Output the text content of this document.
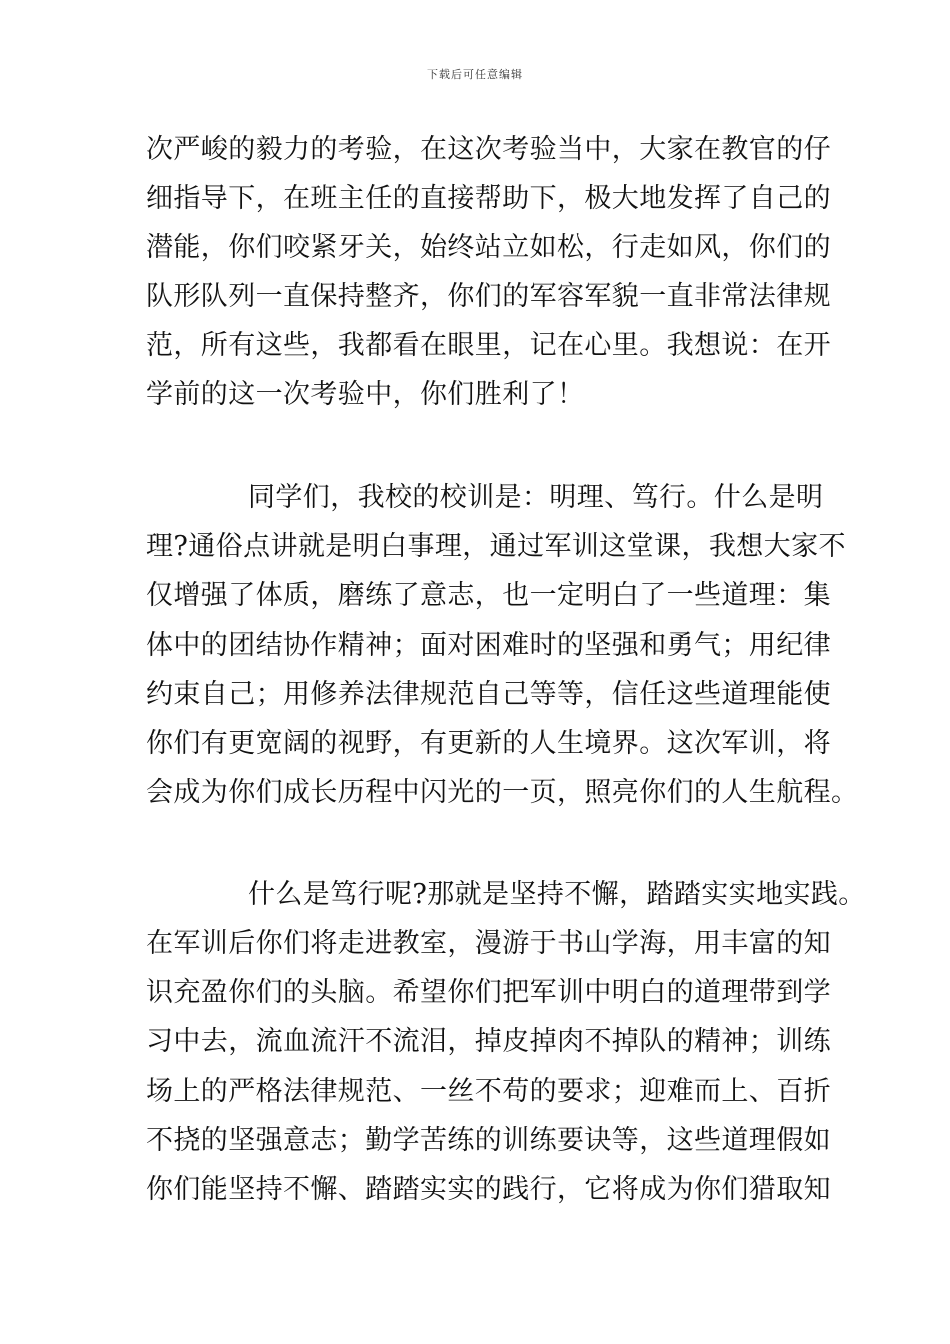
下载后可任意编辑
次严峻的毅力的考验，在这次考验当中，大家在教官的仔
细指导下，在班主任的直接帮助下，极大地发挥了自己的
潜能，你们咬紧牙关，始终站立如松，行走如风，你们的
队形队列一直保持整齐，你们的军容军貌一直非常法律规
范，所有这些，我都看在眼里，记在心里。我想说：在开
学前的这一次考验中，你们胜利了！
同学们，我校的校训是：明理、笃行。什么是明
理?通俗点讲就是明白事理，通过军训这堂课，我想大家不
仅增强了体质，磨练了意志，也一定明白了一些道理：集
体中的团结协作精神；面对困难时的坚强和勇气；用纪律
约束自己；用修养法律规范自己等等，信任这些道理能使
你们有更宽阔的视野，有更新的人生境界。这次军训，将
会成为你们成长历程中闪光的一页，照亮你们的人生航程。
什么是笃行呢?那就是坚持不懈，踏踏实实地实践。
在军训后你们将走进教室，漫游于书山学海，用丰富的知
识充盈你们的头脑。希望你们把军训中明白的道理带到学
习中去，流血流汗不流泪，掉皮掉肉不掉队的精神；训练
场上的严格法律规范、一丝不苟的要求；迎难而上、百折
不挠的坚强意志；勤学苦练的训练要诀等，这些道理假如
你们能坚持不懈、踏踏实实的践行，它将成为你们猎取知
